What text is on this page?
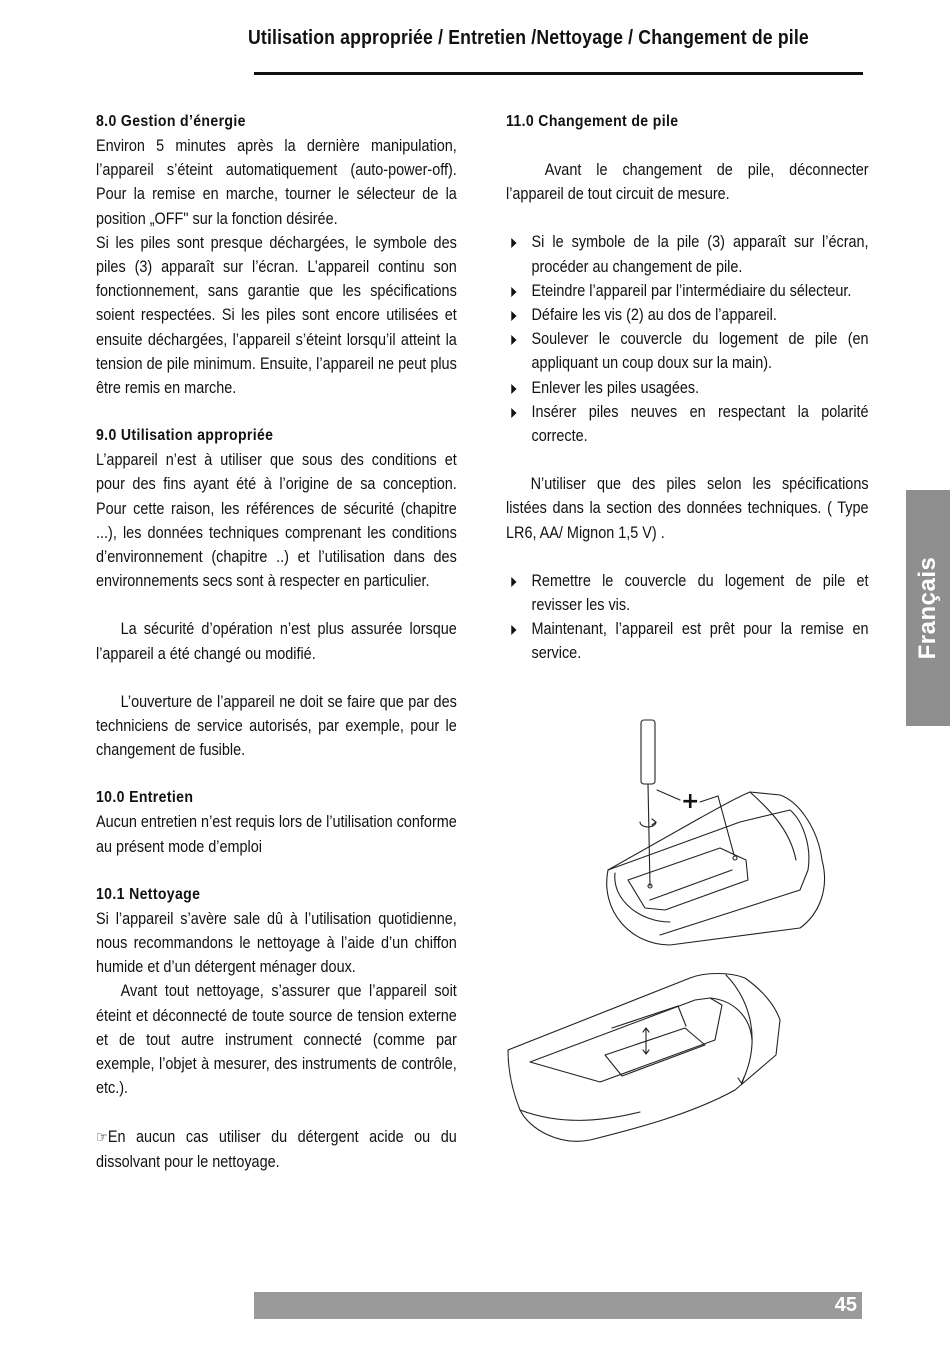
Utilisation appropriée / Entretien /Nettoyage / Changement de pile
8.0 Gestion d’énergie

Environ 5 minutes après la dernière manipulation, l’appareil s’éteint automatiquement (auto-power-off). Pour la remise en marche, tourner le sélecteur de la position „OFF" sur la fonction désirée.

Si les piles sont presque déchargées, le symbole des piles (3) apparaît sur l’écran. L’appareil continu son fonctionnement, sans garantie que les spécifications soient respectées. Si les piles sont encore utilisées et ensuite déchargées, l’appareil s’éteint lorsqu’il atteint la tension de pile minimum. Ensuite, l’appareil ne peut plus être remis en marche.

9.0 Utilisation appropriée

L’appareil n’est à utiliser que sous des conditions et pour des fins ayant été à l’origine de sa conception. Pour cette raison, les références de sécurité (chapitre ...), les données techniques comprenant les conditions d’environnement (chapitre ..) et l’utilisation dans des environnements secs sont à respecter en particulier.

La sécurité d’opération n’est plus assurée lorsque l’appareil a été changé ou modifié.

L’ouverture de l’appareil ne doit se faire que par des techniciens de service autorisés, par exemple, pour le changement de fusible.

10.0 Entretien

Aucun entretien n’est requis lors de l’utilisation conforme au présent mode d’emploi

10.1 Nettoyage

Si l’appareil s’avère sale dû à l’utilisation quotidienne, nous recommandons le nettoyage à l’aide d’un chiffon humide et d’un détergent ménager doux.

Avant tout nettoyage, s’assurer que l’appareil soit éteint et déconnecté de toute source de tension externe et de tout autre instrument connecté (comme par exemple, l’objet à mesurer, des instruments de contrôle, etc.).

☞En aucun cas utiliser du détergent acide ou du dissolvant pour le nettoyage.

11.0 Changement de pile

Avant le changement de pile, déconnecter l’appareil de tout circuit de mesure.

Si le symbole de la pile (3) apparaît sur l’écran, procéder au changement de pile.
Eteindre l’appareil par l’intermédiaire du sélecteur.
Défaire les vis (2) au dos de l’appareil.
Soulever le couvercle du logement de pile (en appliquant un coup doux sur la main).
Enlever les piles usagées.
Insérer piles neuves en respectant la polarité correcte.

N’utiliser que des piles selon les spécifications listées dans la section des données techniques. ( Type LR6, AA/ Mignon 1,5 V) .

Remettre le couvercle du logement de pile et revisser les vis.
Maintenant, l’appareil est prêt pour la remise en service.
+
Français
45
